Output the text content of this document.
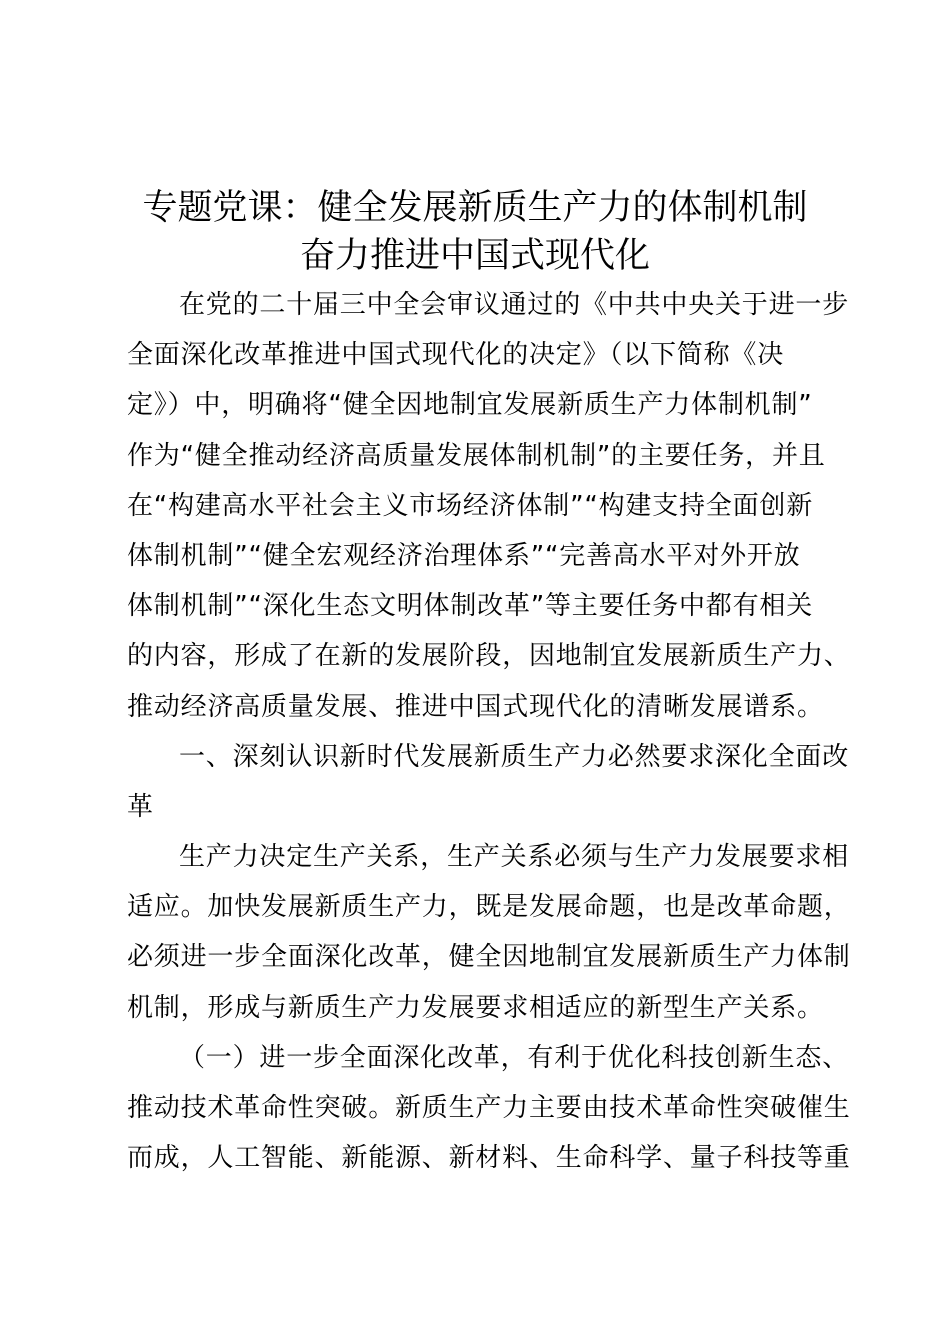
专题党课：健全发展新质生产力的体制机制
奋力推进中国式现代化
在党的二十届三中全会审议通过的《中共中央关于进一步
全面深化改革推进中国式现代化的决定》（以下简称《决
定》）中，明确将“健全因地制宜发展新质生产力体制机制”
作为“健全推动经济高质量发展体制机制”的主要任务，并且
在“构建高水平社会主义市场经济体制”“构建支持全面创新
体制机制”“健全宏观经济治理体系”“完善高水平对外开放
体制机制”“深化生态文明体制改革”等主要任务中都有相关
的内容，形成了在新的发展阶段，因地制宜发展新质生产力、
推动经济高质量发展、推进中国式现代化的清晰发展谱系。
一、深刻认识新时代发展新质生产力必然要求深化全面改
革
生产力决定生产关系，生产关系必须与生产力发展要求相
适应。加快发展新质生产力，既是发展命题，也是改革命题，
必须进一步全面深化改革，健全因地制宜发展新质生产力体制
机制，形成与新质生产力发展要求相适应的新型生产关系。
（一）进一步全面深化改革，有利于优化科技创新生态、
推动技术革命性突破。新质生产力主要由技术革命性突破催生
而成，人工智能、新能源、新材料、生命科学、量子科技等重
